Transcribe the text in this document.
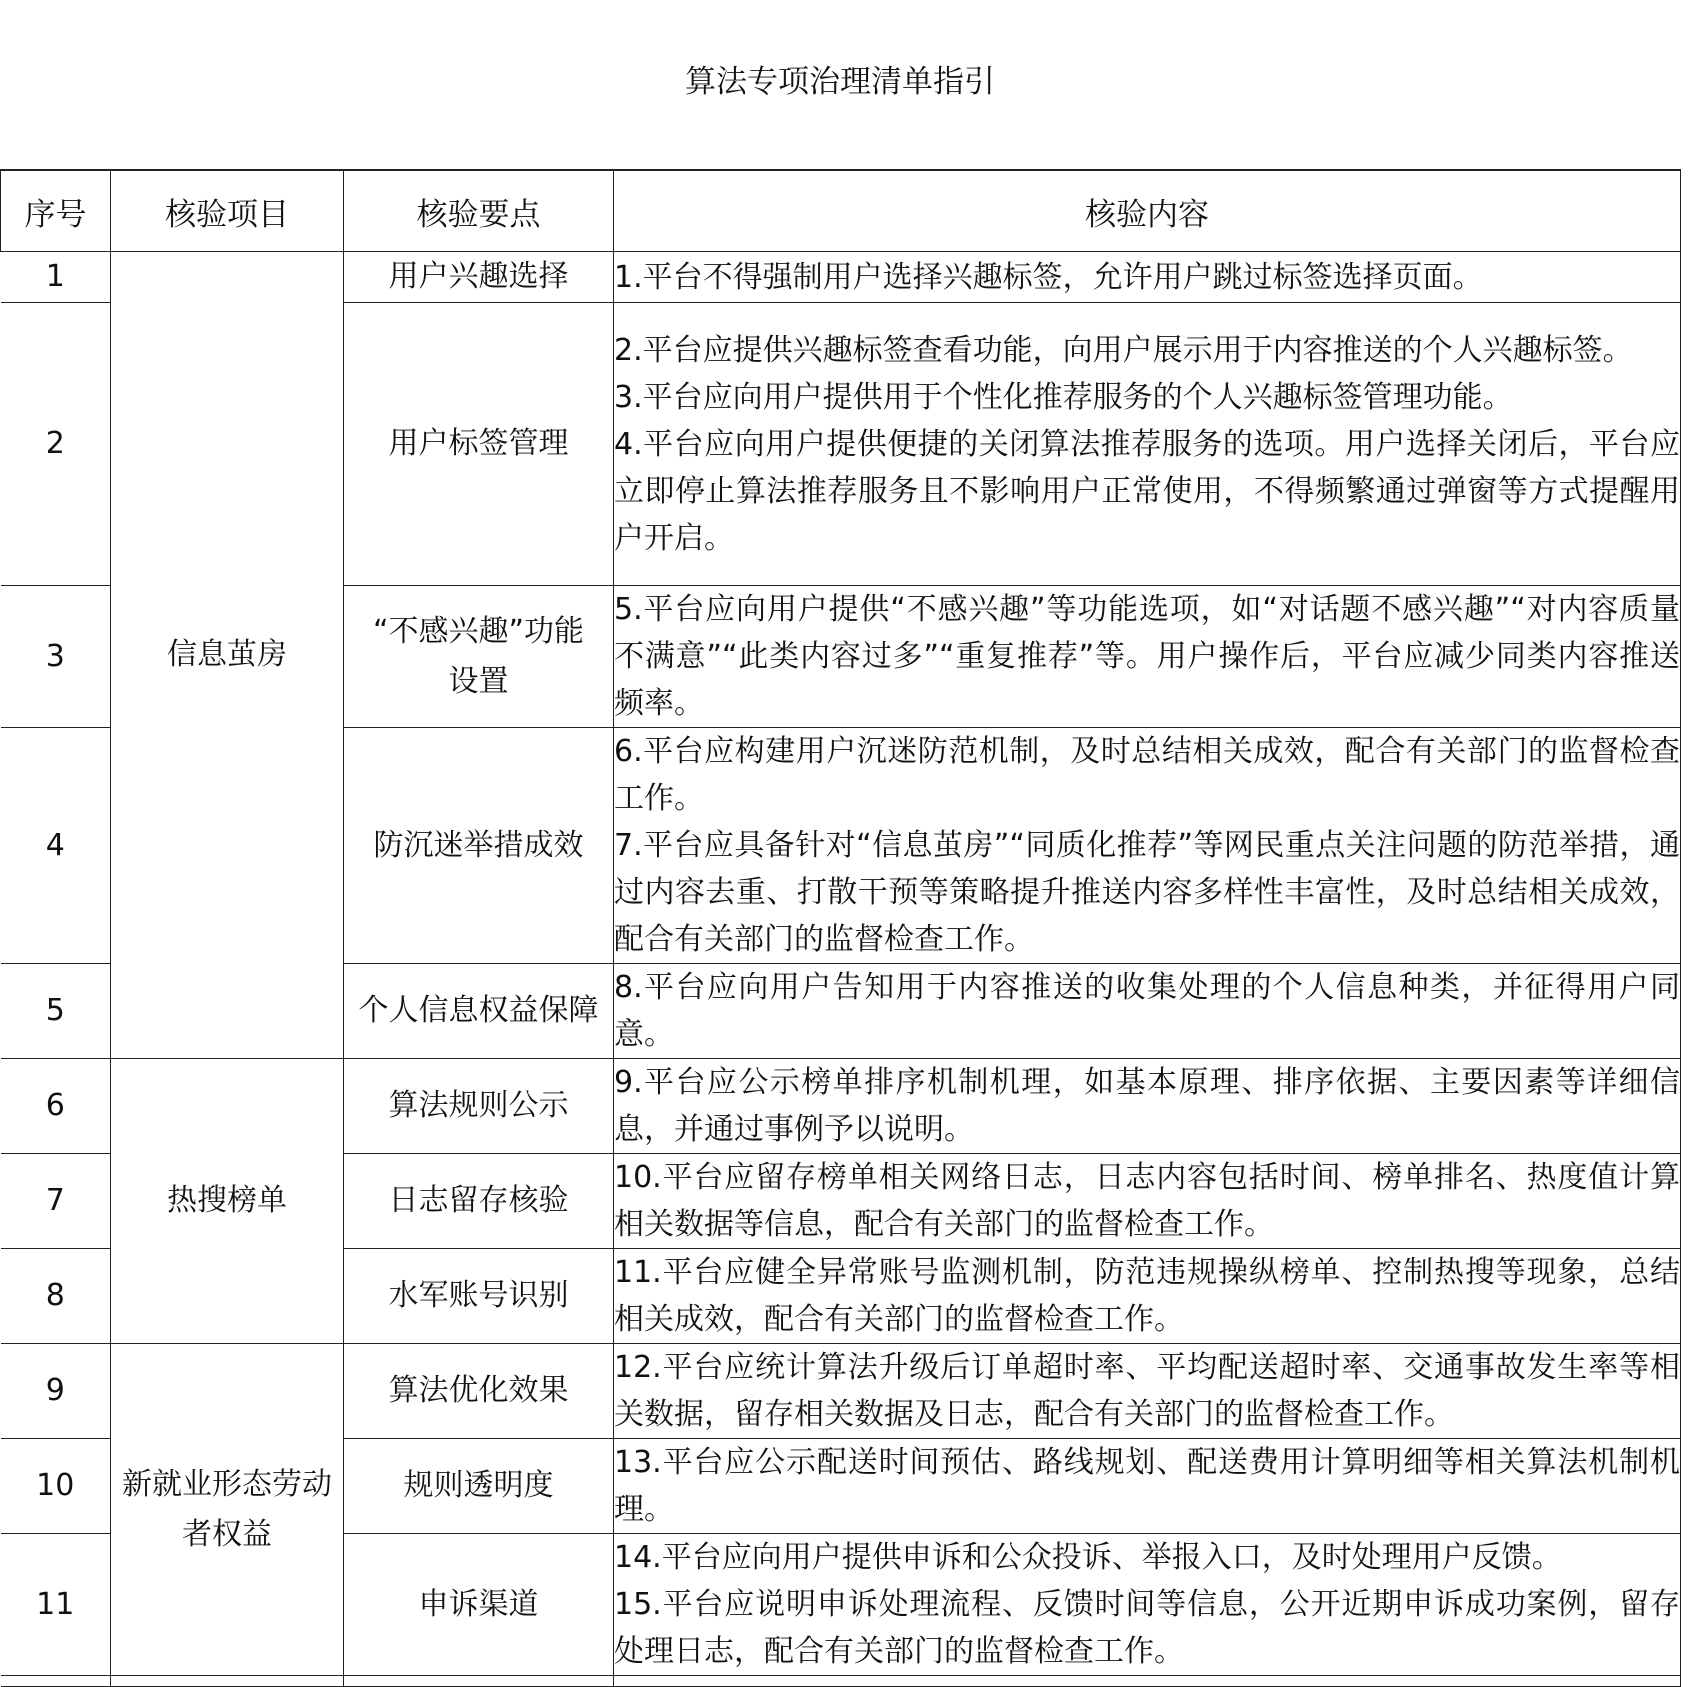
算法专项治理清单指引
序号	核验项目	核验要点	核验内容
1	信息茧房	用户兴趣选择	1.平台不得强制用户选择兴趣标签，允许用户跳过标签选择页面。

2		用户标签管理	2.平台应提供兴趣标签查看功能，向用户展示用于内容推送的个人兴趣标签。
3.平台应向用户提供用于个性化推荐服务的个人兴趣标签管理功能。
4.平台应向用户提供便捷的关闭算法推荐服务的选项。用户选择关闭后，平台应立即停止算法推荐服务且不影响用户正常使用，不得频繁通过弹窗等方式提醒用户开启。

3		“不感兴趣”功能设置	5.平台应向用户提供“不感兴趣”等功能选项，如“对话题不感兴趣”“对内容质量不满意”“此类内容过多”“重复推荐”等。用户操作后，平台应减少同类内容推送频率。

4		防沉迷举措成效	6.平台应构建用户沉迷防范机制，及时总结相关成效，配合有关部门的监督检查工作。
7.平台应具备针对“信息茧房”“同质化推荐”等网民重点关注问题的防范举措，通过内容去重、打散干预等策略提升推送内容多样性丰富性，及时总结相关成效，配合有关部门的监督检查工作。

5		个人信息权益保障	8.平台应向用户告知用于内容推送的收集处理的个人信息种类，并征得用户同意。

6	热搜榜单	算法规则公示	9.平台应公示榜单排序机制机理，如基本原理、排序依据、主要因素等详细信息，并通过事例予以说明。

7		日志留存核验	10.平台应留存榜单相关网络日志，日志内容包括时间、榜单排名、热度值计算相关数据等信息，配合有关部门的监督检查工作。

8		水军账号识别	11.平台应健全异常账号监测机制，防范违规操纵榜单、控制热搜等现象，总结相关成效，配合有关部门的监督检查工作。

9	新就业形态劳动者权益	算法优化效果	12.平台应统计算法升级后订单超时率、平均配送超时率、交通事故发生率等相关数据，留存相关数据及日志，配合有关部门的监督检查工作。

10		规则透明度	13.平台应公示配送时间预估、路线规划、配送费用计算明细等相关算法机制机理。

11		申诉渠道	14.平台应向用户提供申诉和公众投诉、举报入口，及时处理用户反馈。
15.平台应说明申诉处理流程、反馈时间等信息，公开近期申诉成功案例，留存处理日志，配合有关部门的监督检查工作。
